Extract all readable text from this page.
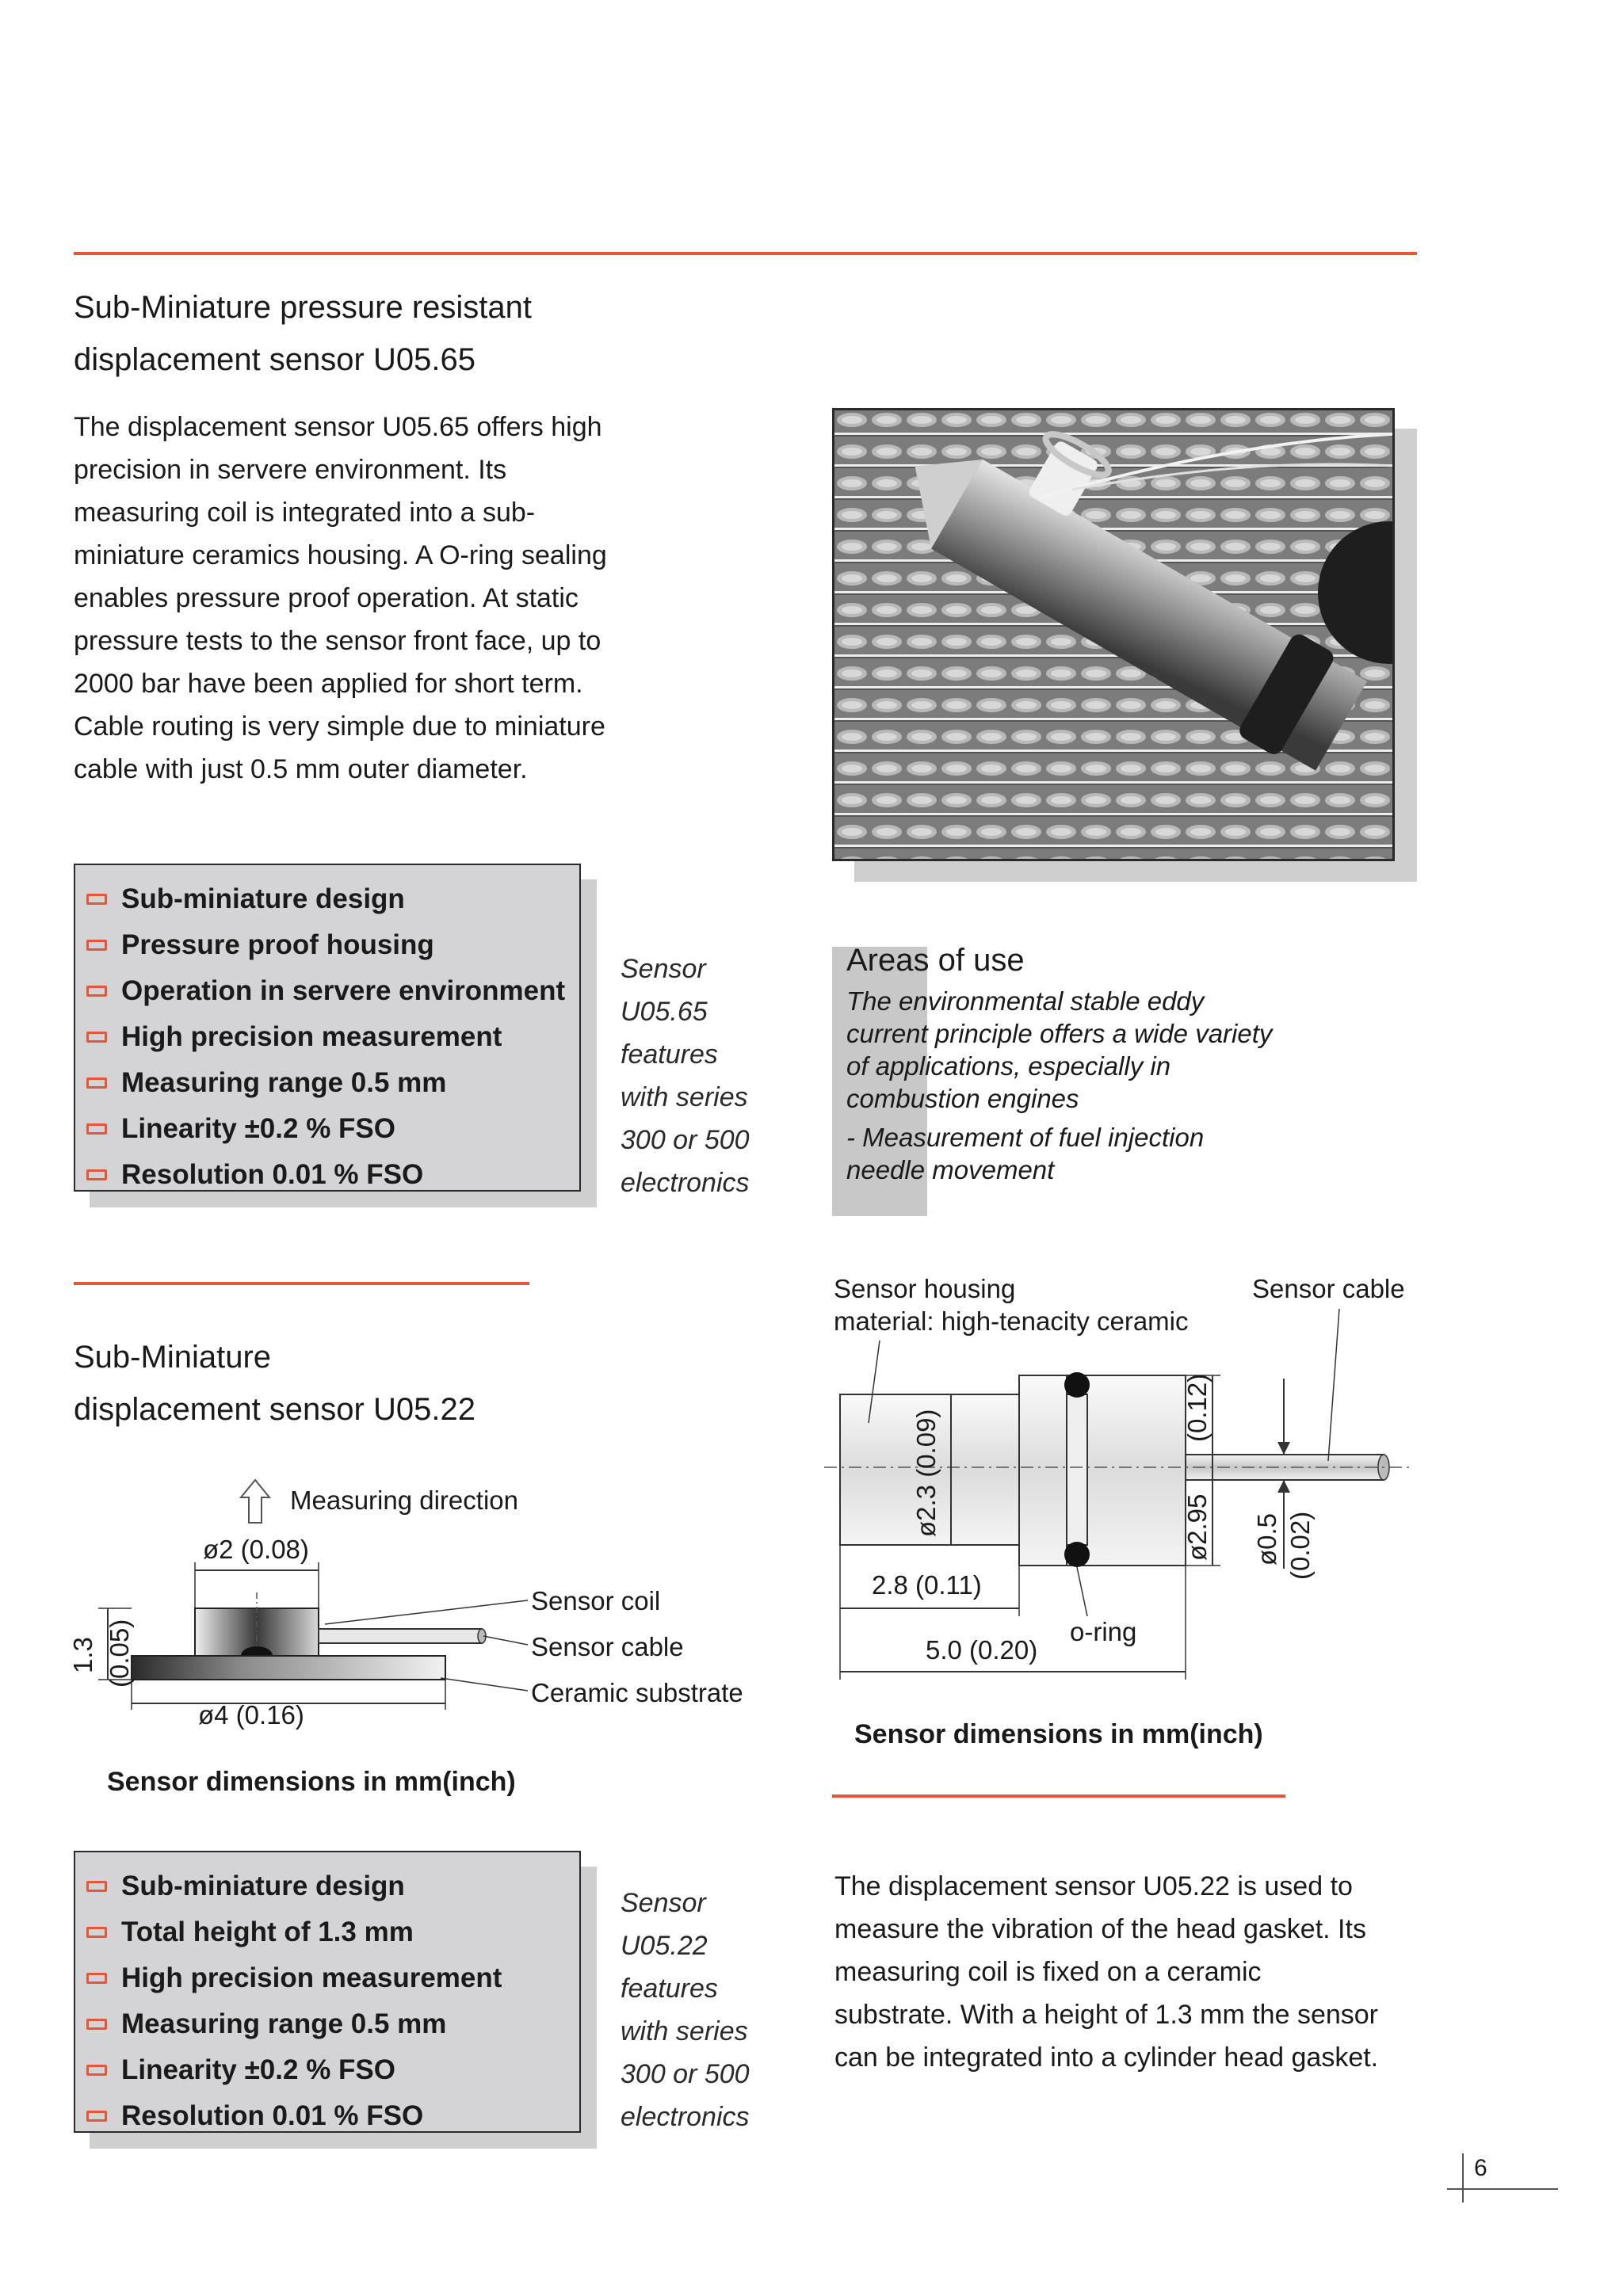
Sub-Miniature pressure resistant
displacement sensor U05.65
The displacement sensor U05.65 offers high
precision in servere environment. Its
measuring coil is integrated into a sub-
miniature ceramics housing. A O-ring sealing
enables pressure proof operation. At static
pressure tests to the sensor front face, up to
2000 bar have been applied for short term.
Cable routing is very simple due to miniature
cable with just 0.5 mm outer diameter.
Sub-miniature design
Pressure proof housing
Operation in servere environment
High precision measurement
Measuring range 0.5 mm
Linearity ±0.2 % FSO
Resolution 0.01 % FSO
Sensor
U05.65
features
with series
300 or 500
electronics
Areas of use
The environmental stable eddy
current principle offers a wide variety
of applications, especially in
combustion engines
- Measurement of fuel injection
needle movement
Sub-Miniature
displacement sensor U05.22
Measuring direction
ø2 (0.08)
1.3 (0.05)
ø4 (0.16)
Sensor coil
Sensor cable
Ceramic substrate
Sensor dimensions in mm(inch)
Sensor housing
material: high-tenacity ceramic
Sensor cable
ø2.3 (0.09)
(0.12)
ø2.95 ø0.5 (0.02)
2.8 (0.11)
5.0 (0.20)
o-ring
Sensor dimensions in mm(inch)
Sub-miniature design
Total height of 1.3 mm
High precision measurement
Measuring range 0.5 mm
Linearity ±0.2 % FSO
Resolution 0.01 % FSO
Sensor
U05.22
features
with series
300 or 500
electronics
The displacement sensor U05.22 is used to
measure the vibration of the head gasket. Its
measuring coil is fixed on a ceramic
substrate. With a height of 1.3 mm the sensor
can be integrated into a cylinder head gasket.
6
